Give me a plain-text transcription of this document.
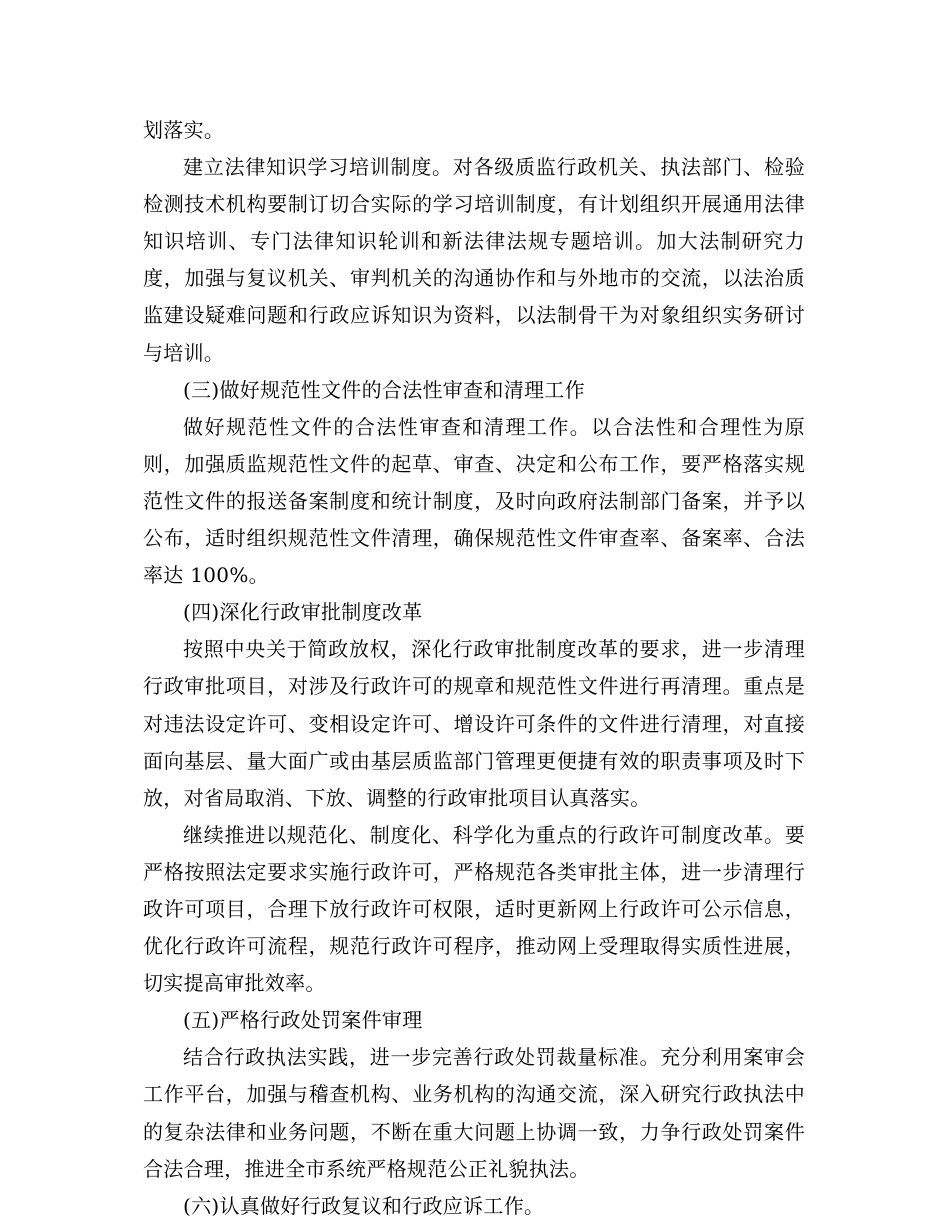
划落实。

建立法律知识学习培训制度。对各级质监行政机关、执法部门、检验检测技术机构要制订切合实际的学习培训制度，有计划组织开展通用法律知识培训、专门法律知识轮训和新法律法规专题培训。加大法制研究力度，加强与复议机关、审判机关的沟通协作和与外地市的交流，以法治质监建设疑难问题和行政应诉知识为资料，以法制骨干为对象组织实务研讨与培训。

(三)做好规范性文件的合法性审查和清理工作

做好规范性文件的合法性审查和清理工作。以合法性和合理性为原则，加强质监规范性文件的起草、审查、决定和公布工作，要严格落实规范性文件的报送备案制度和统计制度，及时向政府法制部门备案，并予以公布，适时组织规范性文件清理，确保规范性文件审查率、备案率、合法率达 100%。

(四)深化行政审批制度改革

按照中央关于简政放权，深化行政审批制度改革的要求，进一步清理行政审批项目，对涉及行政许可的规章和规范性文件进行再清理。重点是对违法设定许可、变相设定许可、增设许可条件的文件进行清理，对直接面向基层、量大面广或由基层质监部门管理更便捷有效的职责事项及时下放，对省局取消、下放、调整的行政审批项目认真落实。

继续推进以规范化、制度化、科学化为重点的行政许可制度改革。要严格按照法定要求实施行政许可，严格规范各类审批主体，进一步清理行政许可项目，合理下放行政许可权限，适时更新网上行政许可公示信息，优化行政许可流程，规范行政许可程序，推动网上受理取得实质性进展，切实提高审批效率。

(五)严格行政处罚案件审理

结合行政执法实践，进一步完善行政处罚裁量标准。充分利用案审会工作平台，加强与稽查机构、业务机构的沟通交流，深入研究行政执法中的复杂法律和业务问题，不断在重大问题上协调一致，力争行政处罚案件合法合理，推进全市系统严格规范公正礼貌执法。

(六)认真做好行政复议和行政应诉工作。
